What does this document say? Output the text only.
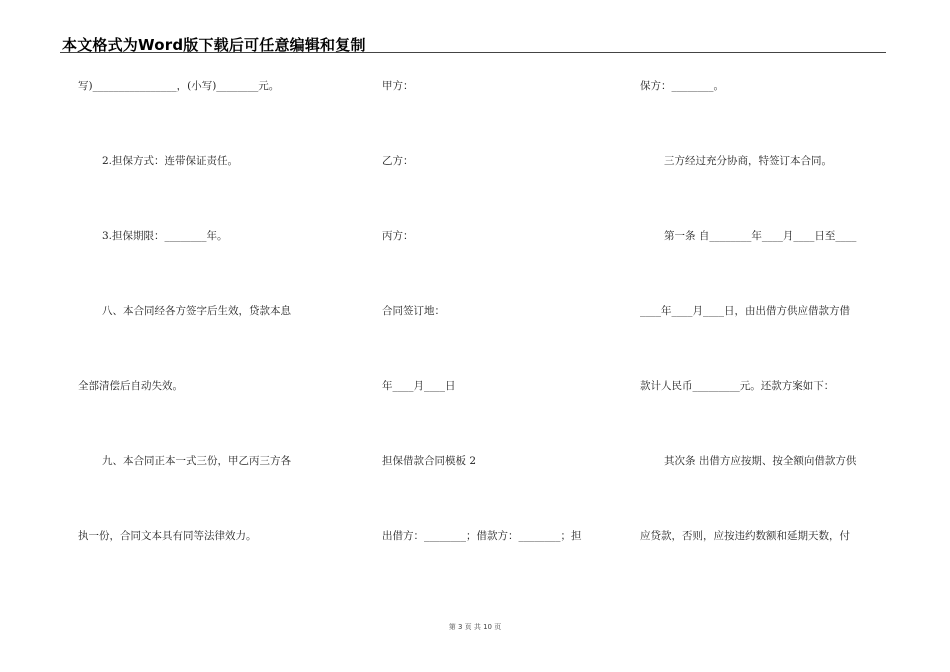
本文格式为Word版下载后可任意编辑和复制
写)________________，(小写)________元。
2.担保方式：连带保证责任。
3.担保期限：________年。
八、本合同经各方签字后生效，贷款本息
全部清偿后自动失效。
九、本合同正本一式三份，甲乙丙三方各
执一份，合同文本具有同等法律效力。
甲方：
乙方：
丙方：
合同签订地：
年____月____日
担保借款合同模板 2
出借方：________；借款方：________；担
保方：________。
三方经过充分协商，特签订本合同。
第一条 自________年____月____日至____
____年____月____日，由出借方供应借款方借
款计人民币_________元。还款方案如下：
其次条 出借方应按期、按全额向借款方供
应贷款，否则，应按违约数额和延期天数，付
第 3 页 共 10 页
